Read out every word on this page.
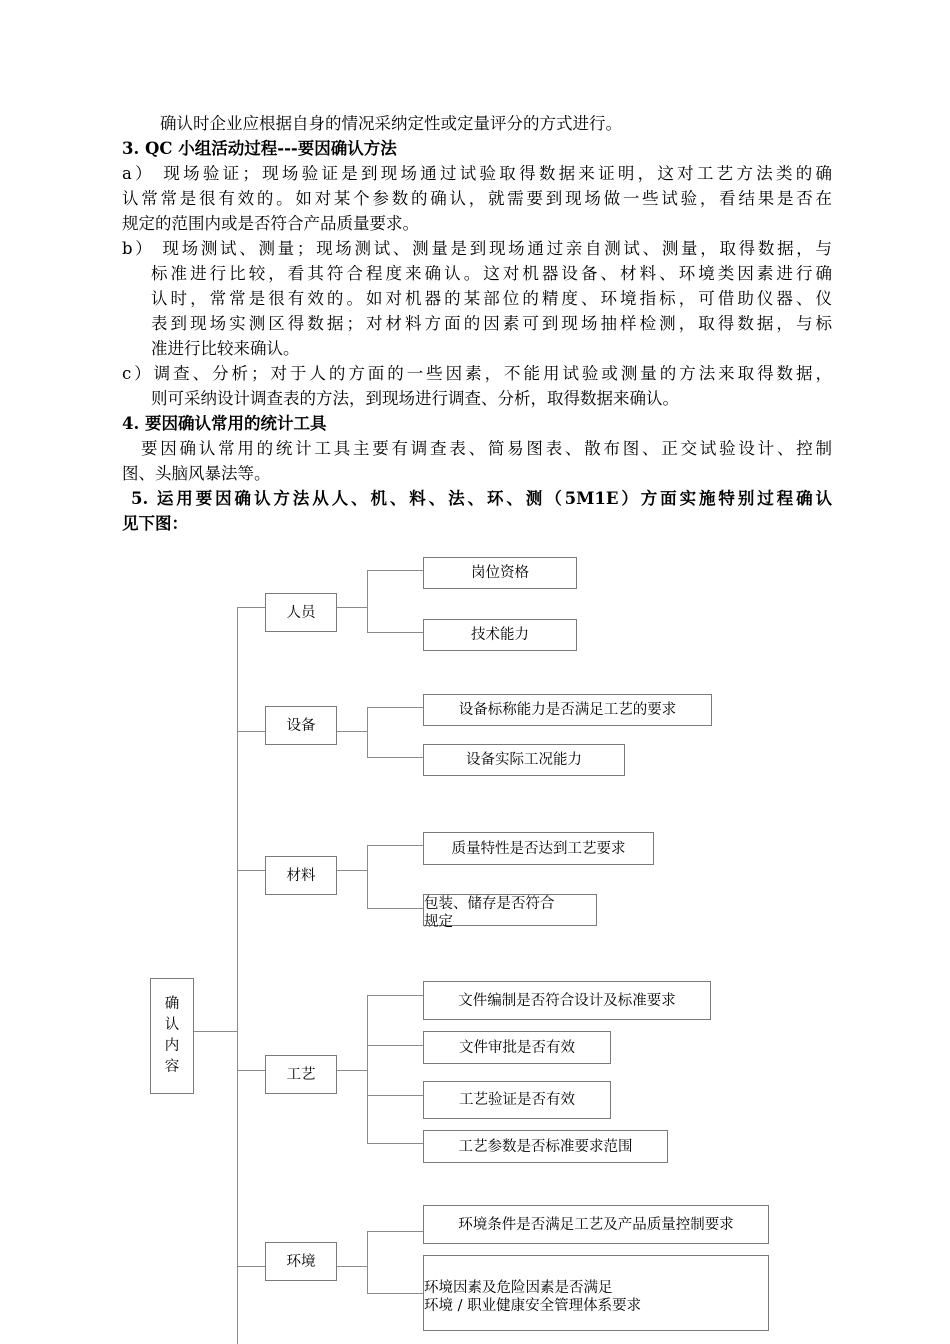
确认时企业应根据自身的情况采纳定性或定量评分的方式进行。
3. QC 小组活动过程---要因确认方法
a） 现场验证；现场验证是到现场通过试验取得数据来证明，这对工艺方法类的确
认常常是很有效的。如对某个参数的确认，就需要到现场做一些试验，看结果是否在
规定的范围内或是否符合产品质量要求。
b） 现场测试、测量；现场测试、测量是到现场通过亲自测试、测量，取得数据，与
标准进行比较，看其符合程度来确认。这对机器设备、材料、环境类因素进行确
认时，常常是很有效的。如对机器的某部位的精度、环境指标，可借助仪器、仪
表到现场实测区得数据；对材料方面的因素可到现场抽样检测，取得数据，与标
准进行比较来确认。
c）调查、分析；对于人的方面的一些因素，不能用试验或测量的方法来取得数据，
则可采纳设计调查表的方法，到现场进行调查、分析，取得数据来确认。
4. 要因确认常用的统计工具
要因确认常用的统计工具主要有调查表、简易图表、散布图、正交试验设计、控制
图、头脑风暴法等。
5. 运用要因确认方法从人、机、料、法、环、测（5M1E）方面实施特别过程确认
见下图：
确
认
内
容
人员
设备
材料
工艺
环境
岗位资格
技术能力
设备标称能力是否满足工艺的要求
设备实际工况能力
质量特性是否达到工艺要求
包装、储存是否符合
规定
文件编制是否符合设计及标准要求
文件审批是否有效
工艺验证是否有效
工艺参数是否标准要求范围
环境条件是否满足工艺及产品质量控制要求
环境因素及危险因素是否满足
环境 / 职业健康安全管理体系要求
